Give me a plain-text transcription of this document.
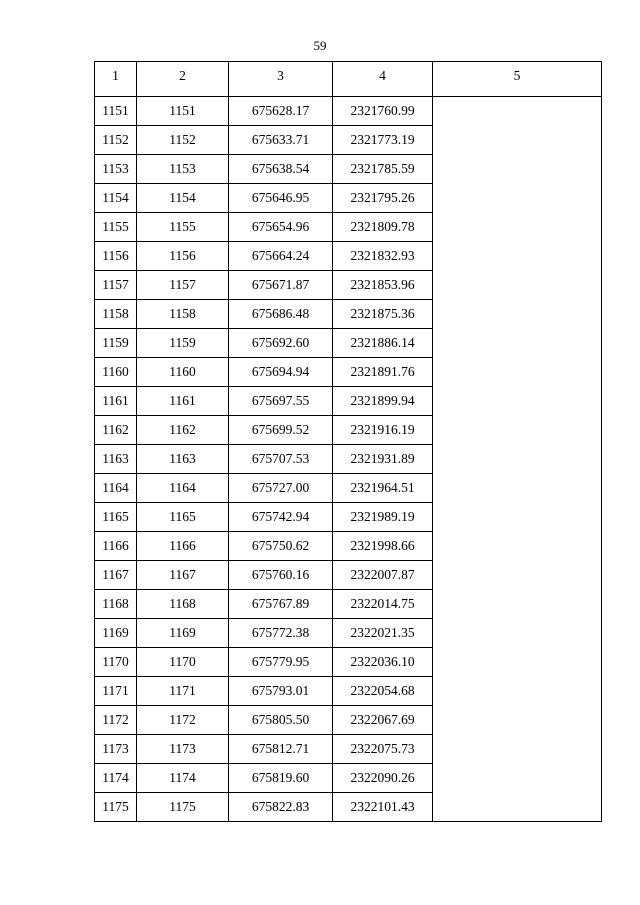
59
1	2	3	4	5
1151	1151	675628.17	2321760.99	
1152	1152	675633.71	2321773.19	
1153	1153	675638.54	2321785.59	
1154	1154	675646.95	2321795.26	
1155	1155	675654.96	2321809.78	
1156	1156	675664.24	2321832.93	
1157	1157	675671.87	2321853.96	
1158	1158	675686.48	2321875.36	
1159	1159	675692.60	2321886.14	
1160	1160	675694.94	2321891.76	
1161	1161	675697.55	2321899.94	
1162	1162	675699.52	2321916.19	
1163	1163	675707.53	2321931.89	
1164	1164	675727.00	2321964.51	
1165	1165	675742.94	2321989.19	
1166	1166	675750.62	2321998.66	
1167	1167	675760.16	2322007.87	
1168	1168	675767.89	2322014.75	
1169	1169	675772.38	2322021.35	
1170	1170	675779.95	2322036.10	
1171	1171	675793.01	2322054.68	
1172	1172	675805.50	2322067.69	
1173	1173	675812.71	2322075.73	
1174	1174	675819.60	2322090.26	
1175	1175	675822.83	2322101.43	
